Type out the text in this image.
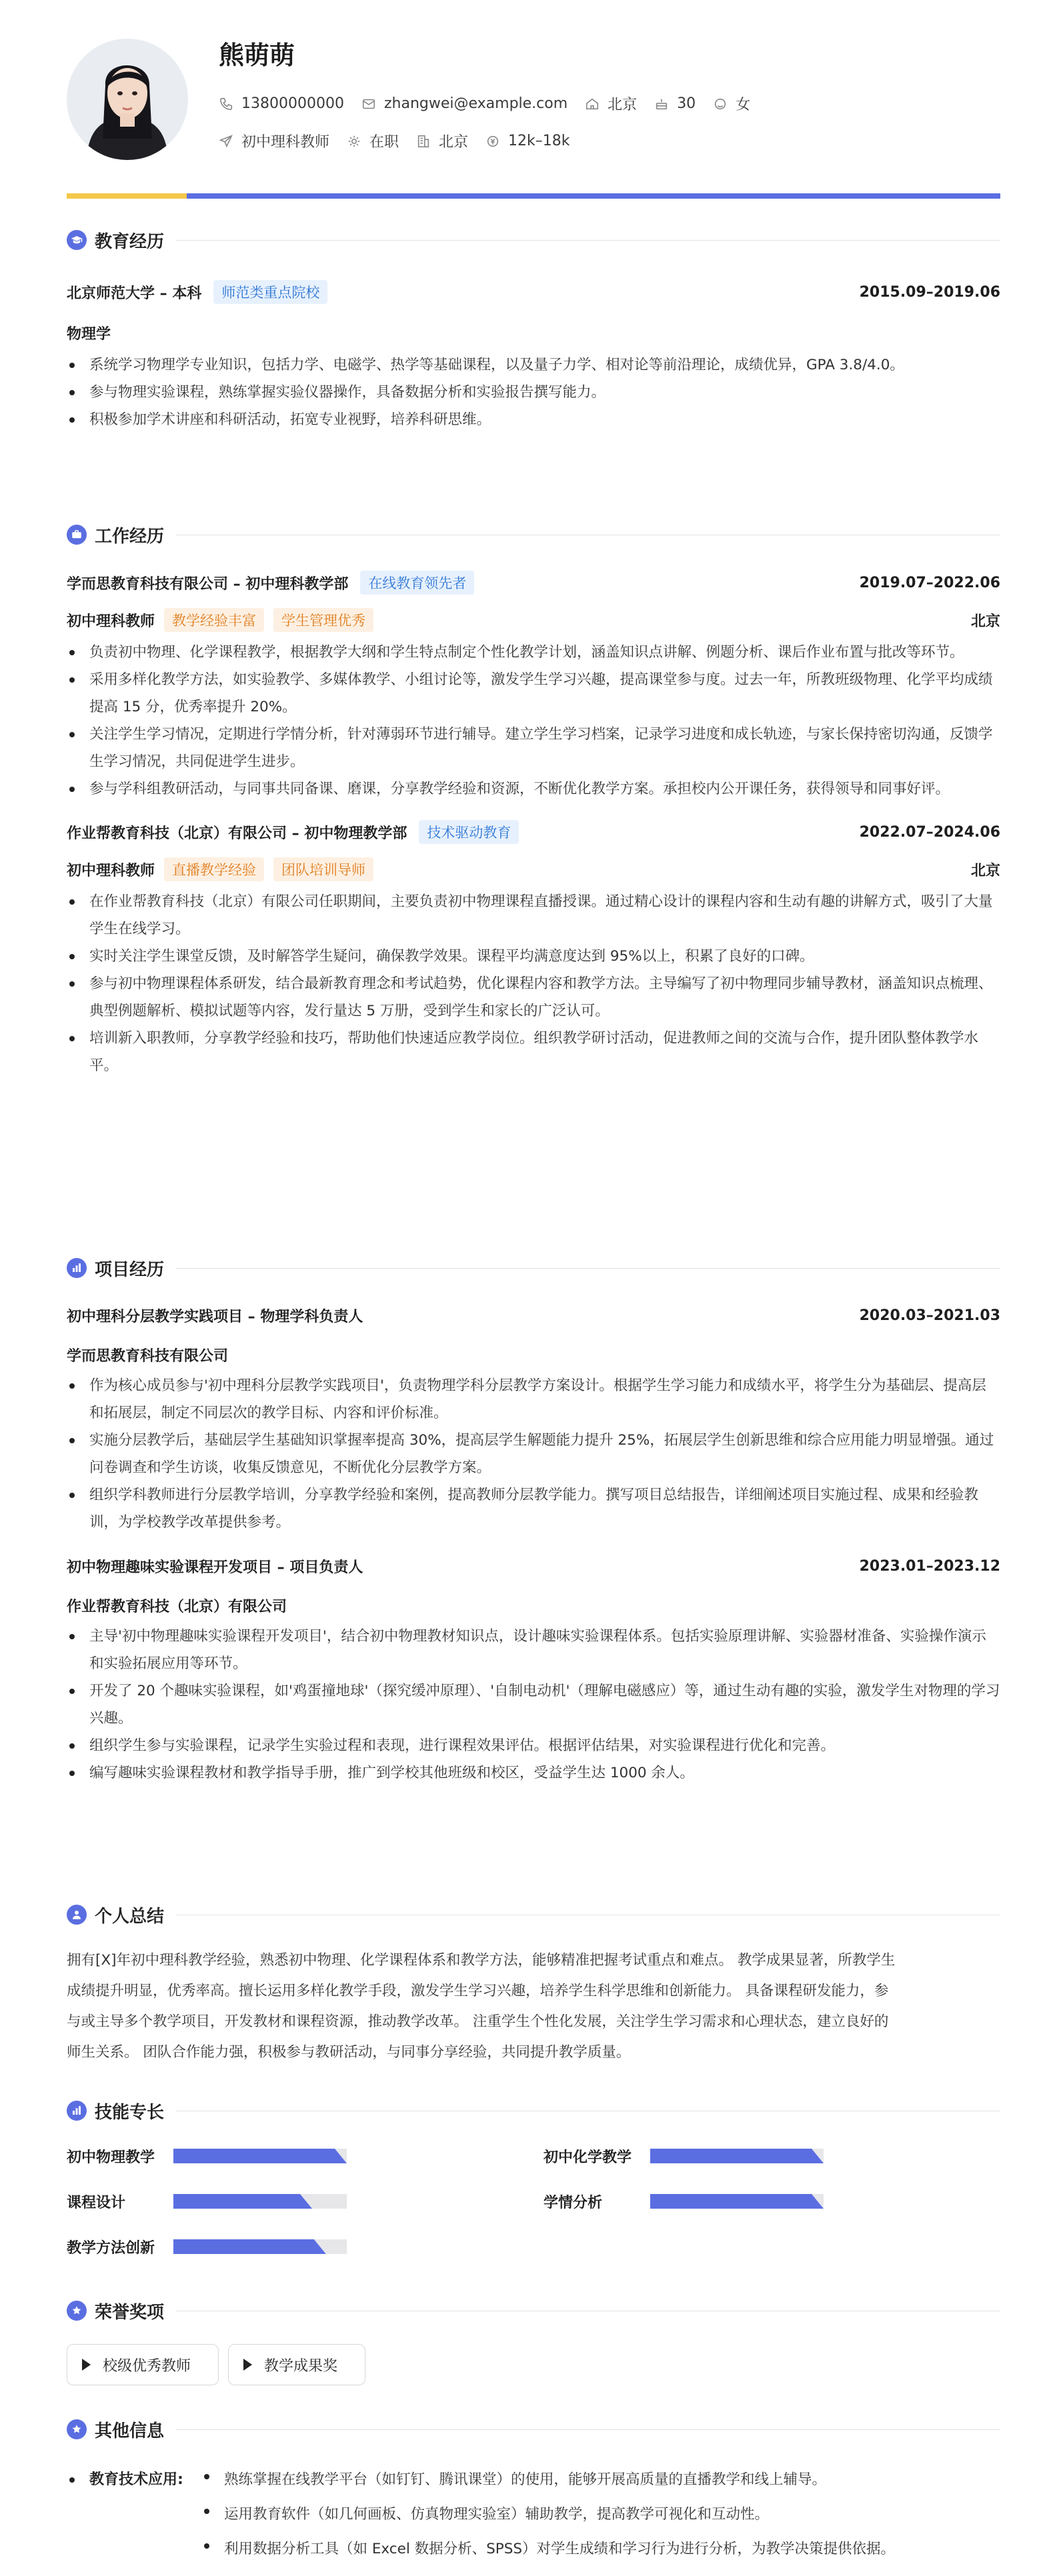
熊萌萌
13800000000	zhangwei@example.com	北京	30	女
初中理科教师	在职	北京	12k–18k
教育经历
北京师范大学 – 本科	师范类重点院校	2015.09–2019.06
物理学
系统学习物理学专业知识，包括力学、电磁学、热学等基础课程，以及量子力学、相对论等前沿理论，成绩优异，GPA 3.8/4.0。
参与物理实验课程，熟练掌握实验仪器操作，具备数据分析和实验报告撰写能力。
积极参加学术讲座和科研活动，拓宽专业视野，培养科研思维。
工作经历
学而思教育科技有限公司 – 初中理科教学部	在线教育领先者	2019.07–2022.06
初中理科教师	教学经验丰富	学生管理优秀	北京
负责初中物理、化学课程教学，根据教学大纲和学生特点制定个性化教学计划，涵盖知识点讲解、例题分析、课后作业布置与批改等环节。
采用多样化教学方法，如实验教学、多媒体教学、小组讨论等，激发学生学习兴趣，提高课堂参与度。过去一年，所教班级物理、化学平均成绩提高 15 分，优秀率提升 20%。
关注学生学习情况，定期进行学情分析，针对薄弱环节进行辅导。建立学生学习档案，记录学习进度和成长轨迹，与家长保持密切沟通，反馈学生学习情况，共同促进学生进步。
参与学科组教研活动，与同事共同备课、磨课，分享教学经验和资源，不断优化教学方案。承担校内公开课任务，获得领导和同事好评。
作业帮教育科技（北京）有限公司 – 初中物理教学部	技术驱动教育	2022.07–2024.06
初中理科教师	直播教学经验	团队培训导师	北京
在作业帮教育科技（北京）有限公司任职期间，主要负责初中物理课程直播授课。通过精心设计的课程内容和生动有趣的讲解方式，吸引了大量学生在线学习。
实时关注学生课堂反馈，及时解答学生疑问，确保教学效果。课程平均满意度达到 95%以上，积累了良好的口碑。
参与初中物理课程体系研发，结合最新教育理念和考试趋势，优化课程内容和教学方法。主导编写了初中物理同步辅导教材，涵盖知识点梳理、典型例题解析、模拟试题等内容，发行量达 5 万册，受到学生和家长的广泛认可。
培训新入职教师，分享教学经验和技巧，帮助他们快速适应教学岗位。组织教学研讨活动，促进教师之间的交流与合作，提升团队整体教学水平。
项目经历
初中理科分层教学实践项目 – 物理学科负责人	2020.03–2021.03
学而思教育科技有限公司
作为核心成员参与'初中理科分层教学实践项目'，负责物理学科分层教学方案设计。根据学生学习能力和成绩水平，将学生分为基础层、提高层和拓展层，制定不同层次的教学目标、内容和评价标准。
实施分层教学后，基础层学生基础知识掌握率提高 30%，提高层学生解题能力提升 25%，拓展层学生创新思维和综合应用能力明显增强。通过问卷调查和学生访谈，收集反馈意见，不断优化分层教学方案。
组织学科教师进行分层教学培训，分享教学经验和案例，提高教师分层教学能力。撰写项目总结报告，详细阐述项目实施过程、成果和经验教训，为学校教学改革提供参考。
初中物理趣味实验课程开发项目 – 项目负责人	2023.01–2023.12
作业帮教育科技（北京）有限公司
主导'初中物理趣味实验课程开发项目'，结合初中物理教材知识点，设计趣味实验课程体系。包括实验原理讲解、实验器材准备、实验操作演示和实验拓展应用等环节。
开发了 20 个趣味实验课程，如'鸡蛋撞地球'（探究缓冲原理）、'自制电动机'（理解电磁感应）等，通过生动有趣的实验，激发学生对物理的学习兴趣。
组织学生参与实验课程，记录学生实验过程和表现，进行课程效果评估。根据评估结果，对实验课程进行优化和完善。
编写趣味实验课程教材和教学指导手册，推广到学校其他班级和校区，受益学生达 1000 余人。
个人总结
拥有[X]年初中理科教学经验，熟悉初中物理、化学课程体系和教学方法，能够精准把握考试重点和难点。 教学成果显著，所教学生
成绩提升明显，优秀率高。擅长运用多样化教学手段，激发学生学习兴趣，培养学生科学思维和创新能力。 具备课程研发能力，参
与或主导多个教学项目，开发教材和课程资源，推动教学改革。 注重学生个性化发展，关注学生学习需求和心理状态，建立良好的
师生关系。 团队合作能力强，积极参与教研活动，与同事分享经验，共同提升教学质量。
技能专长
初中物理教学	初中化学教学
课程设计	学情分析
教学方法创新
荣誉奖项
校级优秀教师	教学成果奖
其他信息
教育技术应用:	熟练掌握在线教学平台（如钉钉、腾讯课堂）的使用，能够开展高质量的直播教学和线上辅导。
运用教育软件（如几何画板、仿真物理实验室）辅助教学，提高教学可视化和互动性。
利用数据分析工具（如 Excel 数据分析、SPSS）对学生成绩和学习行为进行分析，为教学决策提供依据。
